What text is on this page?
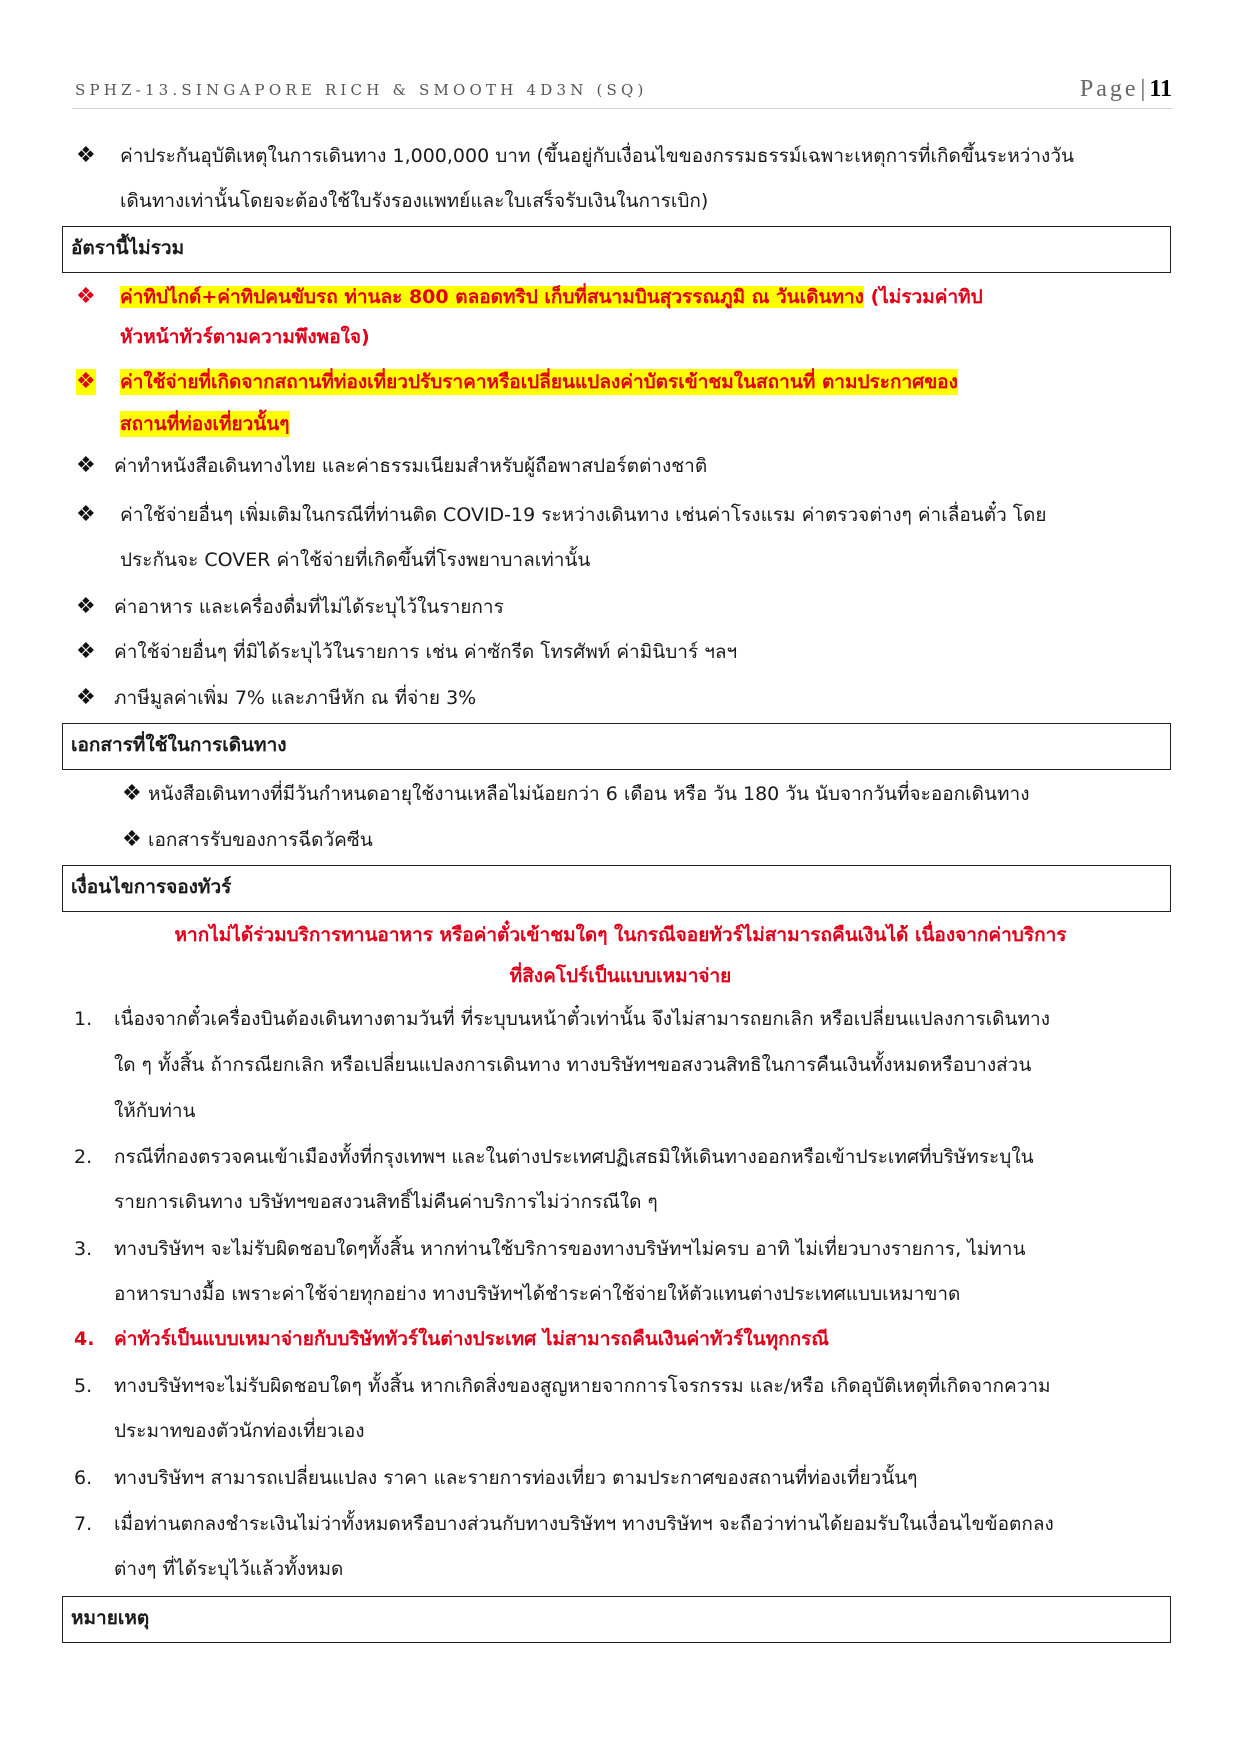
SPHZ-13.SINGAPORE RICH & SMOOTH 4D3N (SQ)	Page| 11
❖ ค่าประกันอุบัติเหตุในการเดินทาง 1,000,000 บาท (ขึ้นอยู่กับเงื่อนไขของกรรมธรรม์เฉพาะเหตุการที่เกิดขึ้นระหว่างวัน
เดินทางเท่านั้นโดยจะต้องใช้ใบรังรองแพทย์และใบเสร็จรับเงินในการเบิก)
อัตรานี้ไม่รวม
❖ ค่าทิปไกด์+ค่าทิปคนขับรถ ท่านละ 800 ตลอดทริป เก็บที่สนามบินสุวรรณภูมิ ณ วันเดินทาง (ไม่รวมค่าทิป
หัวหน้าทัวร์ตามความพึงพอใจ)
❖ ค่าใช้จ่ายที่เกิดจากสถานที่ท่องเที่ยวปรับราคาหรือเปลี่ยนแปลงค่าบัตรเข้าชมในสถานที่ ตามประกาศของ
สถานที่ท่องเที่ยวนั้นๆ
❖ ค่าทำหนังสือเดินทางไทย และค่าธรรมเนียมสำหรับผู้ถือพาสปอร์ตต่างชาติ
❖ ค่าใช้จ่ายอื่นๆ เพิ่มเติมในกรณีที่ท่านติด COVID-19 ระหว่างเดินทาง เช่นค่าโรงแรม ค่าตรวจต่างๆ ค่าเลื่อนตั๋ว โดย
ประกันจะ COVER ค่าใช้จ่ายที่เกิดขึ้นที่โรงพยาบาลเท่านั้น
❖ ค่าอาหาร และเครื่องดื่มที่ไม่ได้ระบุไว้ในรายการ
❖ ค่าใช้จ่ายอื่นๆ ที่มิได้ระบุไว้ในรายการ เช่น ค่าซักรีด โทรศัพท์ ค่ามินิบาร์ ฯลฯ
❖ ภาษีมูลค่าเพิ่ม 7% และภาษีหัก ณ ที่จ่าย 3%
เอกสารที่ใช้ในการเดินทาง
❖ หนังสือเดินทางที่มีวันกำหนดอายุใช้งานเหลือไม่น้อยกว่า 6 เดือน หรือ วัน 180 วัน นับจากวันที่จะออกเดินทาง
❖ เอกสารรับของการฉีดวัคซีน
เงื่อนไขการจองทัวร์
หากไม่ได้ร่วมบริการทานอาหาร หรือค่าตั๋วเข้าชมใดๆ ในกรณีจอยทัวร์ไม่สามารถคืนเงินได้ เนื่องจากค่าบริการ
ที่สิงคโปร์เป็นแบบเหมาจ่าย
1. เนื่องจากตั๋วเครื่องบินต้องเดินทางตามวันที่ ที่ระบุบนหน้าตั๋วเท่านั้น จึงไม่สามารถยกเลิก หรือเปลี่ยนแปลงการเดินทาง
ใด ๆ ทั้งสิ้น ถ้ากรณียกเลิก หรือเปลี่ยนแปลงการเดินทาง ทางบริษัทฯขอสงวนสิทธิในการคืนเงินทั้งหมดหรือบางส่วน
ให้กับท่าน
2. กรณีที่กองตรวจคนเข้าเมืองทั้งที่กรุงเทพฯ และในต่างประเทศปฏิเสธมิให้เดินทางออกหรือเข้าประเทศที่บริษัทระบุใน
รายการเดินทาง บริษัทฯขอสงวนสิทธิ์ไม่คืนค่าบริการไม่ว่ากรณีใด ๆ
3. ทางบริษัทฯ จะไม่รับผิดชอบใดๆทั้งสิ้น หากท่านใช้บริการของทางบริษัทฯไม่ครบ อาทิ ไม่เที่ยวบางรายการ, ไม่ทาน
อาหารบางมื้อ เพราะค่าใช้จ่ายทุกอย่าง ทางบริษัทฯได้ชำระค่าใช้จ่ายให้ตัวแทนต่างประเทศแบบเหมาขาด
4. ค่าทัวร์เป็นแบบเหมาจ่ายกับบริษัททัวร์ในต่างประเทศ ไม่สามารถคืนเงินค่าทัวร์ในทุกกรณี
5. ทางบริษัทฯจะไม่รับผิดชอบใดๆ ทั้งสิ้น หากเกิดสิ่งของสูญหายจากการโจรกรรม และ/หรือ เกิดอุบัติเหตุที่เกิดจากความ
ประมาทของตัวนักท่องเที่ยวเอง
6. ทางบริษัทฯ สามารถเปลี่ยนแปลง ราคา และรายการท่องเที่ยว ตามประกาศของสถานที่ท่องเที่ยวนั้นๆ
7. เมื่อท่านตกลงชำระเงินไม่ว่าทั้งหมดหรือบางส่วนกับทางบริษัทฯ ทางบริษัทฯ จะถือว่าท่านได้ยอมรับในเงื่อนไขข้อตกลง
ต่างๆ ที่ได้ระบุไว้แล้วทั้งหมด
หมายเหตุ
